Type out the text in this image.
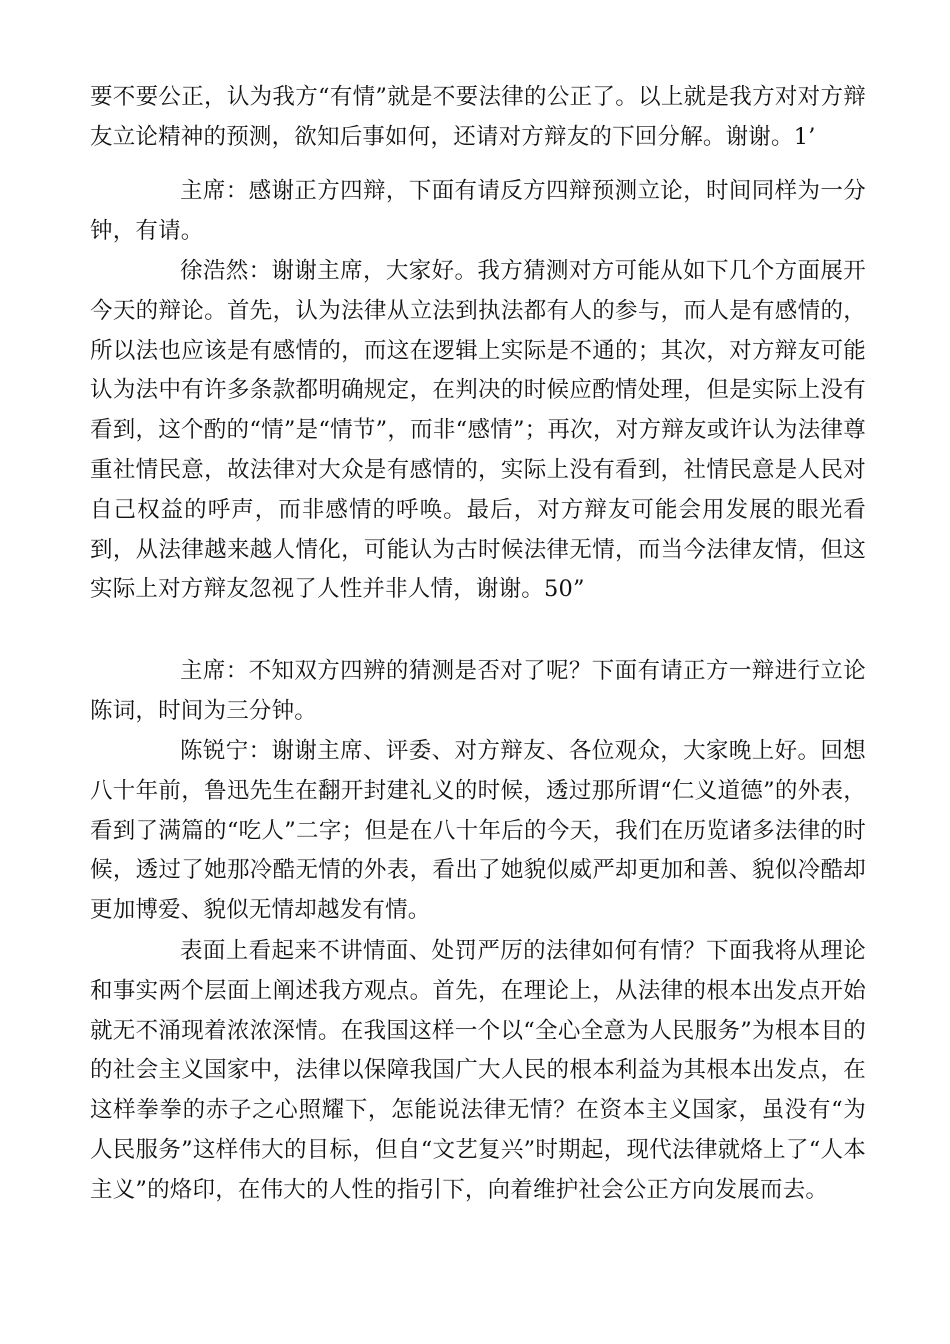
要不要公正，认为我方“有情”就是不要法律的公正了。以上就是我方对对方辩友立论精神的预测，欲知后事如何，还请对方辩友的下回分解。谢谢。1’

主席：感谢正方四辩，下面有请反方四辩预测立论，时间同样为一分钟，有请。

徐浩然：谢谢主席，大家好。我方猜测对方可能从如下几个方面展开今天的辩论。首先，认为法律从立法到执法都有人的参与，而人是有感情的，所以法也应该是有感情的，而这在逻辑上实际是不通的；其次，对方辩友可能认为法中有许多条款都明确规定，在判决的时候应酌情处理，但是实际上没有看到，这个酌的“情”是“情节”，而非“感情”；再次，对方辩友或许认为法律尊重社情民意，故法律对大众是有感情的，实际上没有看到，社情民意是人民对自己权益的呼声，而非感情的呼唤。最后，对方辩友可能会用发展的眼光看到，从法律越来越人情化，可能认为古时候法律无情，而当今法律友情，但这实际上对方辩友忽视了人性并非人情，谢谢。50”

主席：不知双方四辨的猜测是否对了呢？下面有请正方一辩进行立论陈词，时间为三分钟。

陈锐宁：谢谢主席、评委、对方辩友、各位观众，大家晚上好。回想八十年前，鲁迅先生在翻开封建礼义的时候，透过那所谓“仁义道德”的外表，看到了满篇的“吃人”二字；但是在八十年后的今天，我们在历览诸多法律的时候，透过了她那冷酷无情的外表，看出了她貌似威严却更加和善、貌似冷酷却更加博爱、貌似无情却越发有情。

表面上看起来不讲情面、处罚严厉的法律如何有情？下面我将从理论和事实两个层面上阐述我方观点。首先，在理论上，从法律的根本出发点开始就无不涌现着浓浓深情。在我国这样一个以“全心全意为人民服务”为根本目的的社会主义国家中，法律以保障我国广大人民的根本利益为其根本出发点，在这样拳拳的赤子之心照耀下，怎能说法律无情？在资本主义国家，虽没有“为人民服务”这样伟大的目标，但自“文艺复兴”时期起，现代法律就烙上了“人本主义”的烙印，在伟大的人性的指引下，向着维护社会公正方向发展而去。
